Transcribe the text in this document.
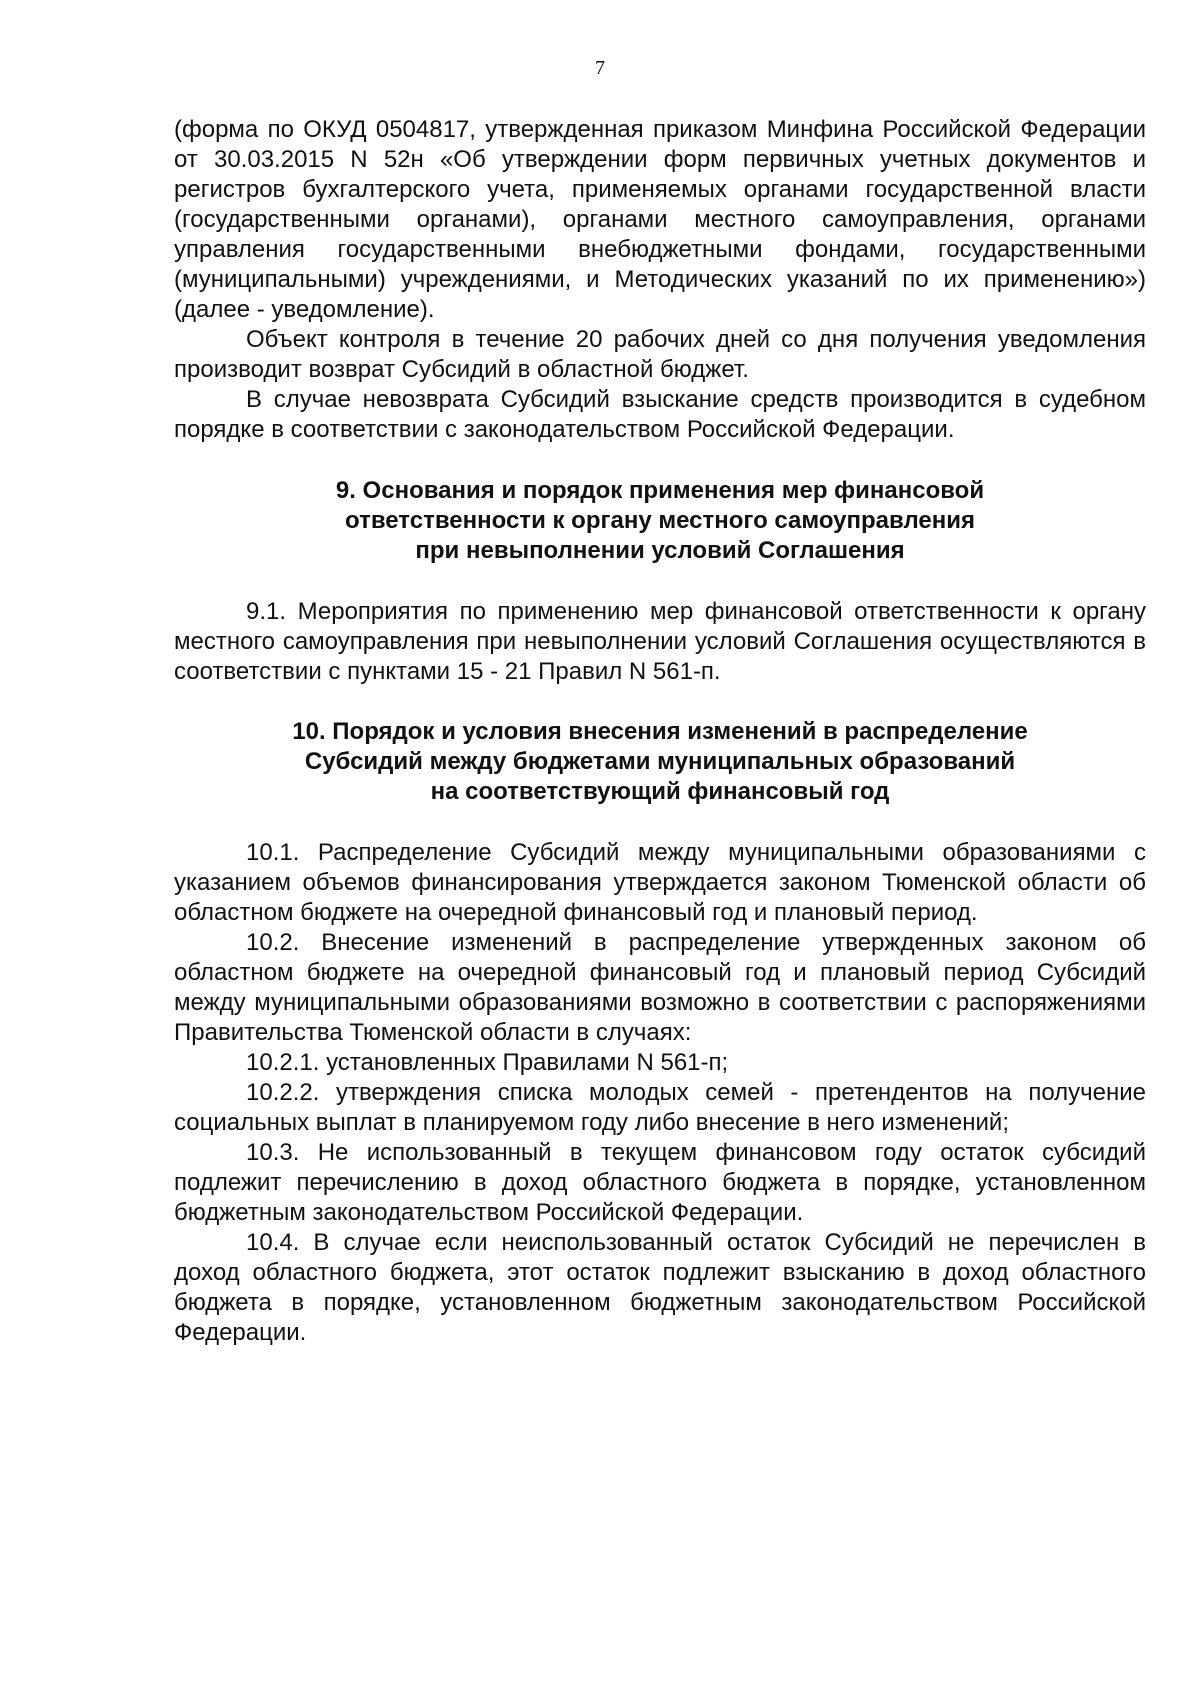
7

(форма по ОКУД 0504817, утвержденная приказом Минфина Российской Федерации от 30.03.2015 N 52н «Об утверждении форм первичных учетных документов и регистров бухгалтерского учета, применяемых органами государственной власти (государственными органами), органами местного самоуправления, органами управления государственными внебюджетными фондами, государственными (муниципальными) учреждениями, и Методических указаний по их применению») (далее - уведомление).

Объект контроля в течение 20 рабочих дней со дня получения уведомления производит возврат Субсидий в областной бюджет.

В случае невозврата Субсидий взыскание средств производится в судебном порядке в соответствии с законодательством Российской Федерации.

9. Основания и порядок применения мер финансовой
ответственности к органу местного самоуправления
при невыполнении условий Соглашения

9.1. Мероприятия по применению мер финансовой ответственности к органу местного самоуправления при невыполнении условий Соглашения осуществляются в соответствии с пунктами 15 - 21 Правил N 561-п.

10. Порядок и условия внесения изменений в распределение
Субсидий между бюджетами муниципальных образований
на соответствующий финансовый год

10.1. Распределение Субсидий между муниципальными образованиями с указанием объемов финансирования утверждается законом Тюменской области об областном бюджете на очередной финансовый год и плановый период.

10.2. Внесение изменений в распределение утвержденных законом об областном бюджете на очередной финансовый год и плановый период Субсидий между муниципальными образованиями возможно в соответствии с распоряжениями Правительства Тюменской области в случаях:

10.2.1. установленных Правилами N 561-п;

10.2.2. утверждения списка молодых семей - претендентов на получение социальных выплат в планируемом году либо внесение в него изменений;

10.3. Не использованный в текущем финансовом году остаток субсидий подлежит перечислению в доход областного бюджета в порядке, установленном бюджетным законодательством Российской Федерации.

10.4. В случае если неиспользованный остаток Субсидий не перечислен в доход областного бюджета, этот остаток подлежит взысканию в доход областного бюджета в порядке, установленном бюджетным законодательством Российской Федерации.
